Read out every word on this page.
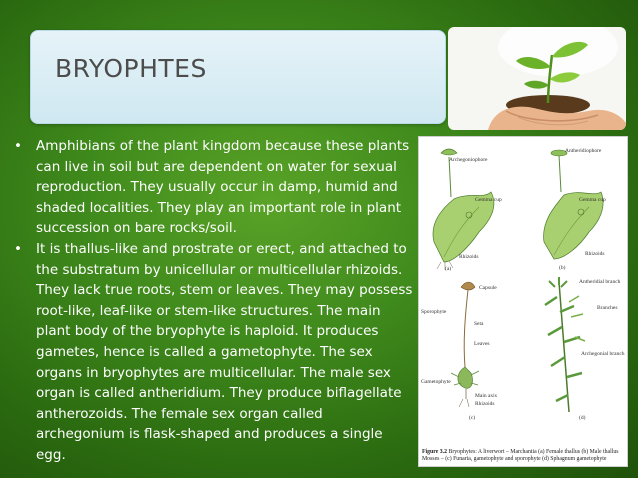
BRYOPHTES

• Amphibians of the plant kingdom because these plants can live in soil but are dependent on water for sexual reproduction. They usually occur in damp, humid and shaded localities. They play an important role in plant succession on bare rocks/soil.

• It is thallus-like and prostrate or erect, and attached to the substratum by unicellular or multicellular rhizoids. They lack true roots, stem or leaves. They may possess root-like, leaf-like or stem-like structures. The main plant body of the bryophyte is haploid. It produces gametes, hence is called a gametophyte. The sex organs in bryophytes are multicellular. The male sex organ is called antheridium. They produce biflagellate antherozoids. The female sex organ called archegonium is flask-shaped and produces a single egg.

Archegoniophore
Gemma cup
Rhizoids
(a)
Antheridiophore
Gemma cup
Rhizoids
(b)
Capsule
Sporophyte
Seta
Leaves
Gametophyte
Main axis
Rhizoids
(c)
Antheridial branch
Branches
Archegonial branch
(d)
Figure 3.2 Bryophytes: A liverwort – Marchantia (a) Female thallus (b) Male thallus Mosses – (c) Funaria, gametophyte and sporophyte (d) Sphagnum gametophyte
